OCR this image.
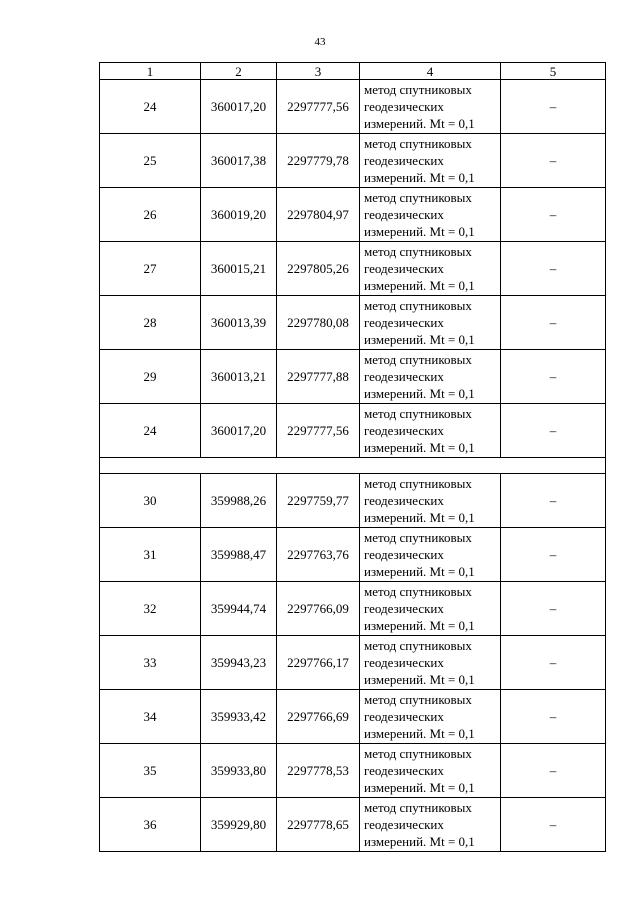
43
1	2	3	4	5
24	360017,20	2297777,56	метод спутниковых геодезических измерений. Mt = 0,1	–
25	360017,38	2297779,78	метод спутниковых геодезических измерений. Mt = 0,1	–
26	360019,20	2297804,97	метод спутниковых геодезических измерений. Mt = 0,1	–
27	360015,21	2297805,26	метод спутниковых геодезических измерений. Mt = 0,1	–
28	360013,39	2297780,08	метод спутниковых геодезических измерений. Mt = 0,1	–
29	360013,21	2297777,88	метод спутниковых геодезических измерений. Mt = 0,1	–
24	360017,20	2297777,56	метод спутниковых геодезических измерений. Mt = 0,1	–

30	359988,26	2297759,77	метод спутниковых геодезических измерений. Mt = 0,1	–
31	359988,47	2297763,76	метод спутниковых геодезических измерений. Mt = 0,1	–
32	359944,74	2297766,09	метод спутниковых геодезических измерений. Mt = 0,1	–
33	359943,23	2297766,17	метод спутниковых геодезических измерений. Mt = 0,1	–
34	359933,42	2297766,69	метод спутниковых геодезических измерений. Mt = 0,1	–
35	359933,80	2297778,53	метод спутниковых геодезических измерений. Mt = 0,1	–
36	359929,80	2297778,65	метод спутниковых геодезических измерений. Mt = 0,1	–
